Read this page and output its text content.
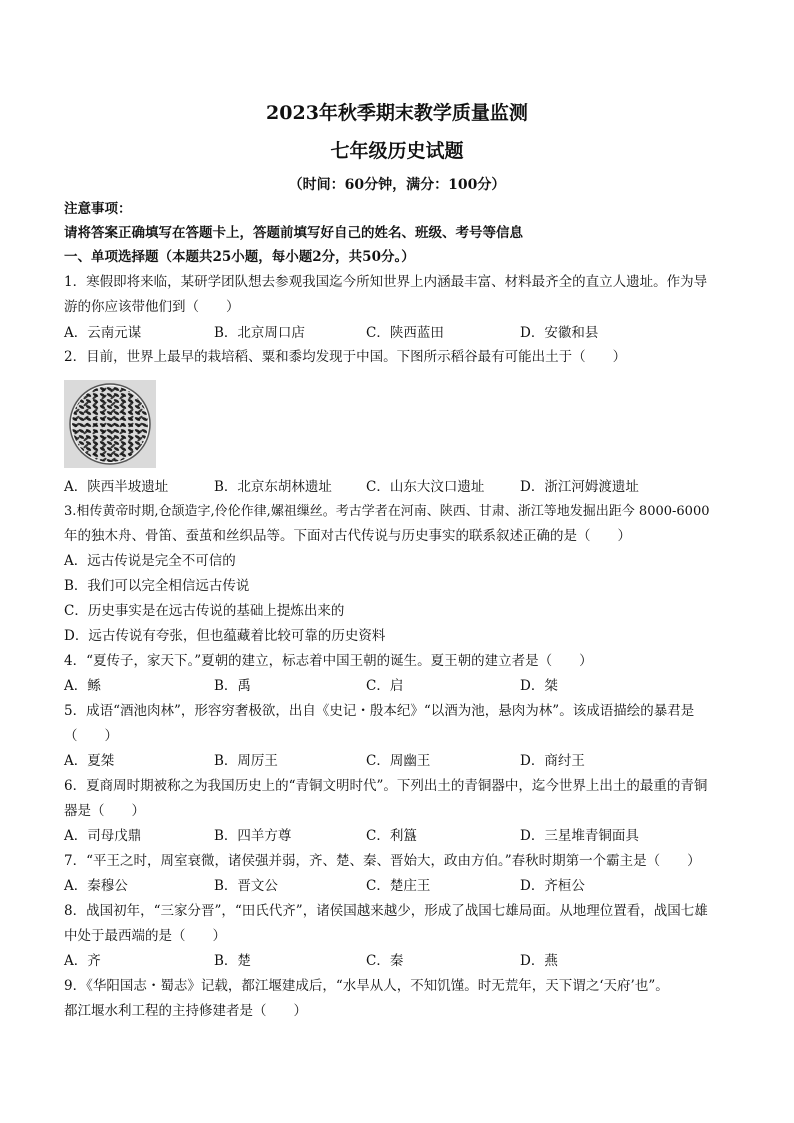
2023年秋季期末教学质量监测
七年级历史试题
（时间：60分钟，满分：100分）
注意事项：
请将答案正确填写在答题卡上，答题前填写好自己的姓名、班级、考号等信息
一、单项选择题（本题共25小题，每小题2分，共50分。）
1．寒假即将来临，某研学团队想去参观我国迄今所知世界上内涵最丰富、材料最齐全的直立人遗址。作为导
游的你应该带他们到（　　）
A．云南元谋	B．北京周口店	C．陕西蓝田	D．安徽和县
2．目前，世界上最早的栽培稻、粟和黍均发现于中国。下图所示稻谷最有可能出土于（　　）
A．陕西半坡遗址	B．北京东胡林遗址	C．山东大汶口遗址	D．浙江河姆渡遗址
3.相传黄帝时期,仓颉造字,伶伦作律,嫘祖缫丝。考古学者在河南、陕西、甘肃、浙江等地发掘出距今 8000-6000
年的独木舟、骨笛、蚕茧和丝织品等。下面对古代传说与历史事实的联系叙述正确的是（　　）
A．远古传说是完全不可信的
B．我们可以完全相信远古传说
C．历史事实是在远古传说的基础上提炼出来的
D．远古传说有夸张，但也蕴藏着比较可靠的历史资料
4．“夏传子，家天下。”夏朝的建立，标志着中国王朝的诞生。夏王朝的建立者是（　　）
A．鲧	B．禹	C．启	D．桀
5．成语“酒池肉林”，形容穷奢极欲，出自《史记・殷本纪》“以酒为池，悬肉为林”。该成语描绘的暴君是
（　　）
A．夏桀	B．周厉王	C．周幽王	D．商纣王
6．夏商周时期被称之为我国历史上的“青铜文明时代”。下列出土的青铜器中，迄今世界上出土的最重的青铜
器是（　　）
A．司母戊鼎	B．四羊方尊	C．利簋	D．三星堆青铜面具
7．“平王之时，周室衰微，诸侯强并弱，齐、楚、秦、晋始大，政由方伯。”春秋时期第一个霸主是（　　）
A．秦穆公	B．晋文公	C．楚庄王	D．齐桓公
8．战国初年，“三家分晋”，“田氏代齐”，诸侯国越来越少，形成了战国七雄局面。从地理位置看，战国七雄
中处于最西端的是（　　）
A．齐	B．楚	C．秦	D．燕
9．《华阳国志・蜀志》记载，都江堰建成后，“水旱从人，不知饥馑。时无荒年，天下谓之‘天府’也”。
都江堰水利工程的主持修建者是（　　）
